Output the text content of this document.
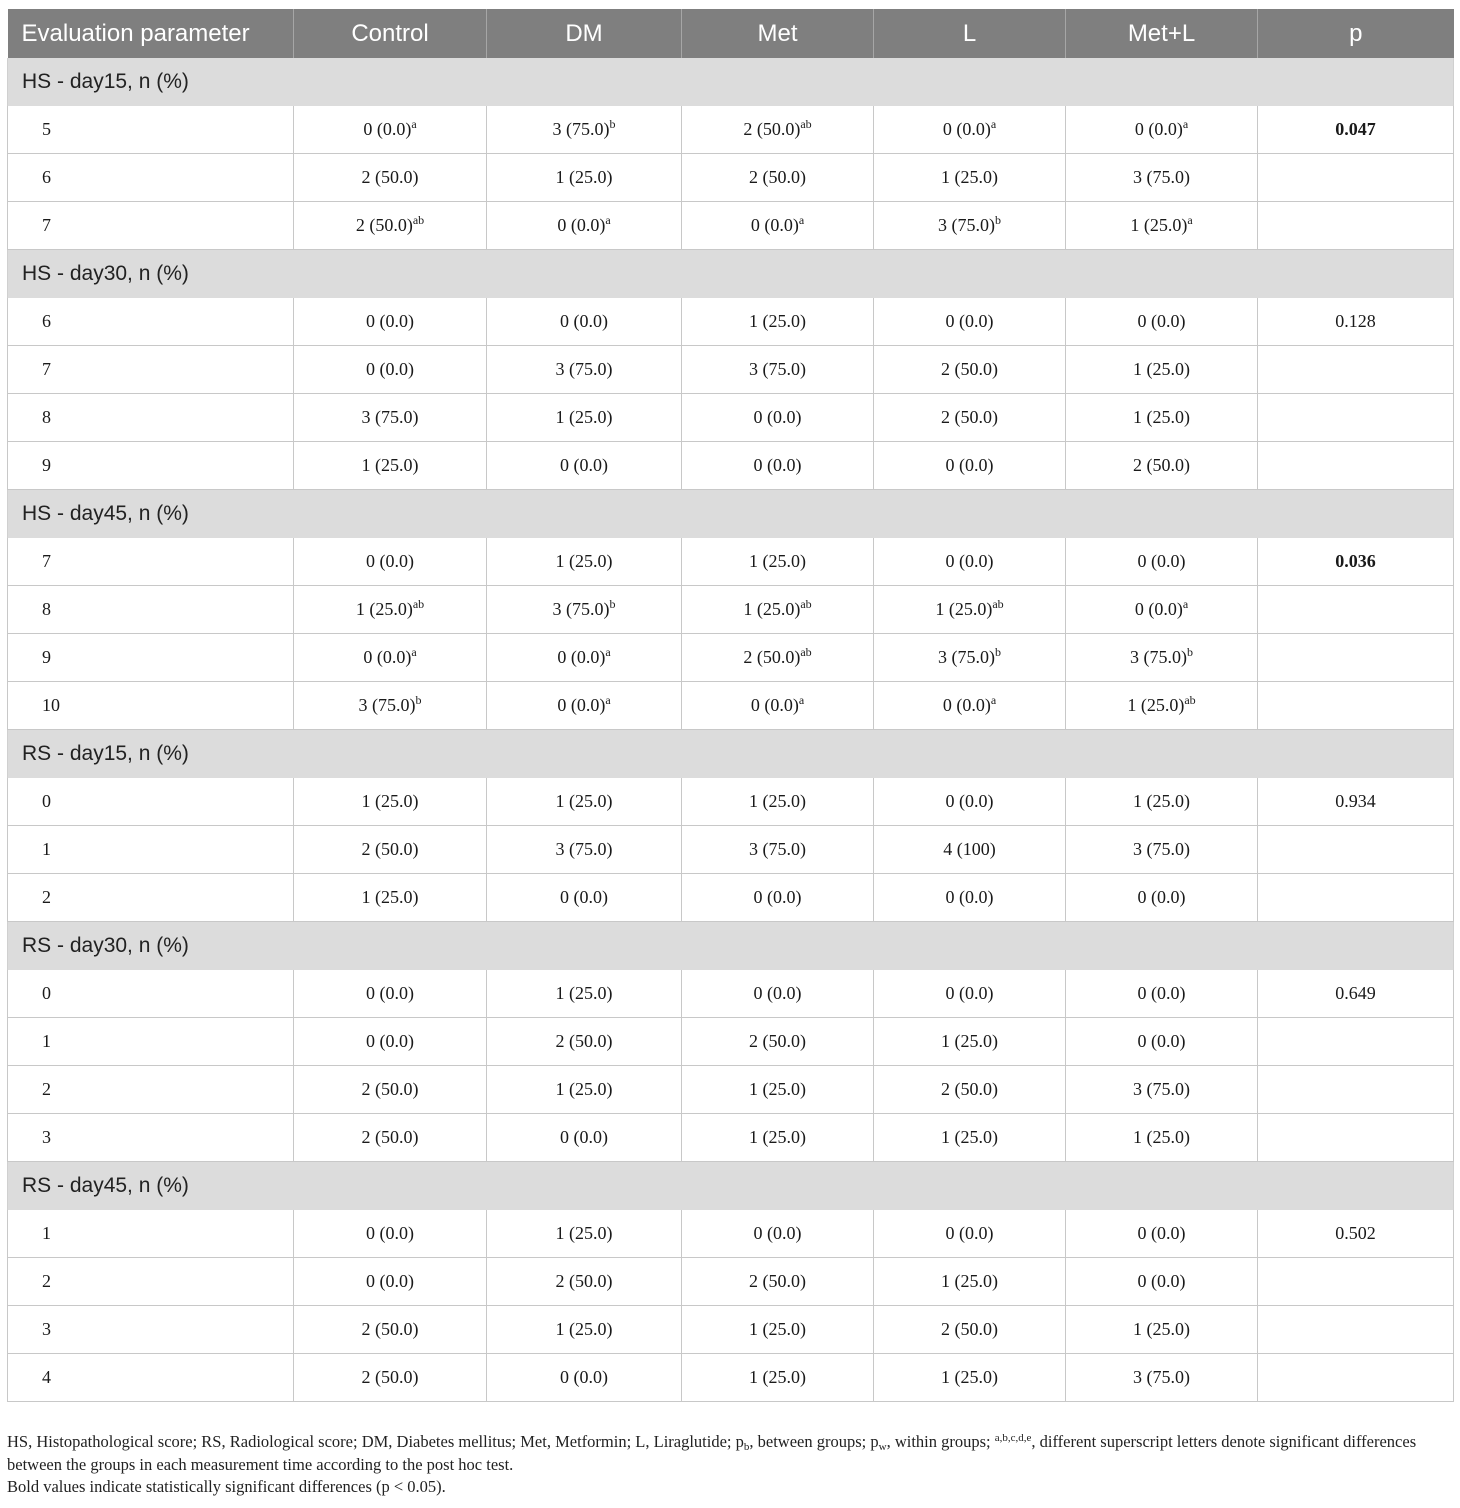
Evaluation parameter	Control	DM	Met	L	Met+L	p
HS - day15, n (%)						
5	0 $(0.0)^a$	3 $(75.0)^b$	2 $(50.0)^{ab}$	0 $(0.0)^a$	0 $(0.0)^a$	0.047
6	2 (50.0)	1 (25.0)	2 (50.0)	1 (25.0)	3 (75.0)	
7	2 $(50.0)^{ab}$	0 $(0.0)^a$	0 $(0.0)^a$	3 $(75.0)^b$	1 $(25.0)^a$	
HS - day30, n (%)						
6	0 (0.0)	0 (0.0)	1 (25.0)	0 (0.0)	0 (0.0)	0.128
7	0 (0.0)	3 (75.0)	3 (75.0)	2 (50.0)	1 (25.0)	
8	3 (75.0)	1 (25.0)	0 (0.0)	2 (50.0)	1 (25.0)	
9	1 (25.0)	0 (0.0)	0 (0.0)	0 (0.0)	2 (50.0)	
HS - day45, n (%)						
7	0 (0.0)	1 (25.0)	1 (25.0)	0 (0.0)	0 (0.0)	0.036
8	1 $(25.0)^{ab}$	3 $(75.0)^b$	1 $(25.0)^{ab}$	1 $(25.0)^{ab}$	0 $(0.0)^a$	
9	0 $(0.0)^a$	0 $(0.0)^a$	2 $(50.0)^{ab}$	3 $(75.0)^b$	3 $(75.0)^b$	
10	3 $(75.0)^b$	0 $(0.0)^a$	0 $(0.0)^a$	0 $(0.0)^a$	1 $(25.0)^{ab}$	
RS - day15, n (%)						
0	1 (25.0)	1 (25.0)	1 (25.0)	0 (0.0)	1 (25.0)	0.934
1	2 (50.0)	3 (75.0)	3 (75.0)	4 (100)	3 (75.0)	
2	1 (25.0)	0 (0.0)	0 (0.0)	0 (0.0)	0 (0.0)	
RS - day30, n (%)						
0	0 (0.0)	1 (25.0)	0 (0.0)	0 (0.0)	0 (0.0)	0.649
1	0 (0.0)	2 (50.0)	2 (50.0)	1 (25.0)	0 (0.0)	
2	2 (50.0)	1 (25.0)	1 (25.0)	2 (50.0)	3 (75.0)	
3	2 (50.0)	0 (0.0)	1 (25.0)	1 (25.0)	1 (25.0)	
RS - day45, n (%)						
1	0 (0.0)	1 (25.0)	0 (0.0)	0 (0.0)	0 (0.0)	0.502
2	0 (0.0)	2 (50.0)	2 (50.0)	1 (25.0)	0 (0.0)	
3	2 (50.0)	1 (25.0)	1 (25.0)	2 (50.0)	1 (25.0)	
4	2 (50.0)	0 (0.0)	1 (25.0)	1 (25.0)	3 (75.0)	

HS, Histopathological score; RS, Radiological score; DM, Diabetes mellitus; Met, Metformin; L, Liraglutide; $p_b$, between groups; $p_w$, within groups; $^{a,b,c,d,e}$, different superscript letters denote significant differences between the groups in each measurement time according to the post hoc test.

Bold values indicate statistically significant differences (p < 0.05).
